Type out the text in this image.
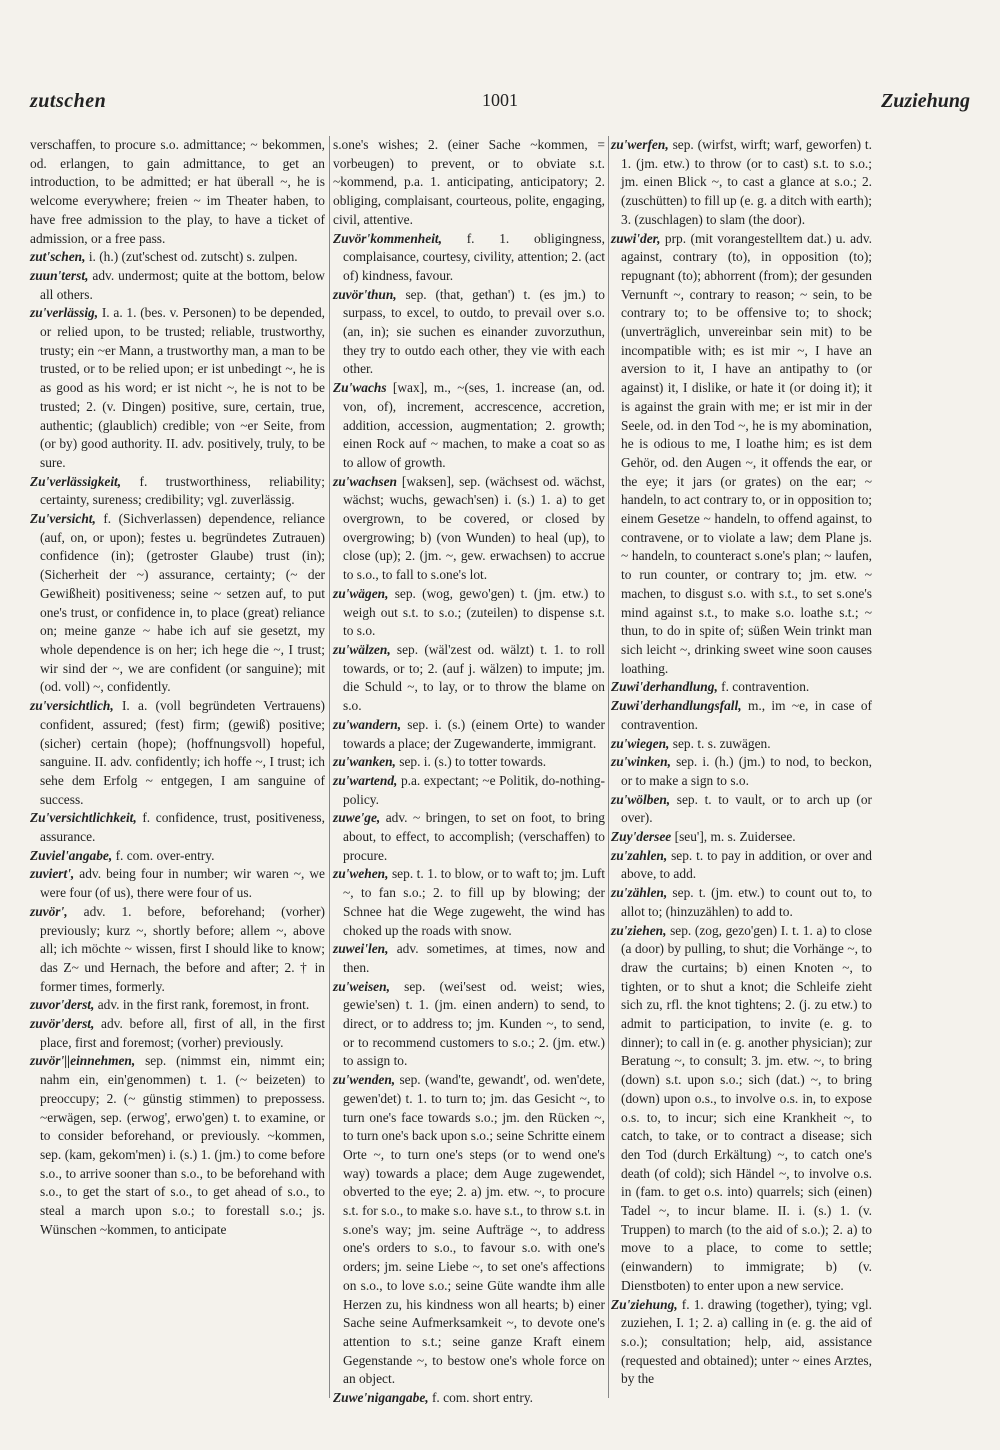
zutschen	1001	Zuziehung

verschaffen, to procure s.o. admittance; ~ bekommen, od. erlangen, to gain admittance, to get an introduction, to be admitted; er hat überall ~, he is welcome everywhere; freien ~ im Theater haben, to have free admission to the play, to have a ticket of admission, or a free pass.

zut'schen, i. (h.) (zut'schest od. zutscht) s. zulpen.

zuun'terst, adv. undermost; quite at the bottom, below all others.

zu'verlässig, I. a. 1. (bes. v. Personen) to be depended, or relied upon, to be trusted; reliable, trustworthy, trusty; ein ~er Mann, a trustworthy man, a man to be trusted, or to be relied upon; er ist unbedingt ~, he is as good as his word; er ist nicht ~, he is not to be trusted; 2. (v. Dingen) positive, sure, certain, true, authentic; (glaublich) credible; von ~er Seite, from (or by) good authority. II. adv. positively, truly, to be sure.

Zu'verlässigkeit, f. trustworthiness, reliability; certainty, sureness; credibility; vgl. zuverlässig.

Zu'versicht, f. (Sichverlassen) dependence, reliance (auf, on, or upon); festes u. begründetes Zutrauen) confidence (in); (getroster Glaube) trust (in); (Sicherheit der ~) assurance, certainty; (~ der Gewißheit) positiveness; seine ~ setzen auf, to put one's trust, or confidence in, to place (great) reliance on; meine ganze ~ habe ich auf sie gesetzt, my whole dependence is on her; ich hege die ~, I trust; wir sind der ~, we are confident (or sanguine); mit (od. voll) ~, confidently.

zu'versichtlich, I. a. (voll begründeten Vertrauens) confident, assured; (fest) firm; (gewiß) positive; (sicher) certain (hope); (hoffnungsvoll) hopeful, sanguine. II. adv. confidently; ich hoffe ~, I trust; ich sehe dem Erfolg ~ entgegen, I am sanguine of success.

Zu'versichtlichkeit, f. confidence, trust, positiveness, assurance.

Zuviel'angabe, f. com. over-entry.

zuviert', adv. being four in number; wir waren ~, we were four (of us), there were four of us.

zuvör', adv. 1. before, beforehand; (vorher) previously; kurz ~, shortly before; allem ~, above all; ich möchte ~ wissen, first I should like to know; das Z~ und Hernach, the before and after; 2. † in former times, formerly.

zuvor'derst, adv. in the first rank, foremost, in front.

zuvör'derst, adv. before all, first of all, in the first place, first and foremost; (vorher) previously.

zuvör'||einnehmen, sep. (nimmst ein, nimmt ein; nahm ein, ein'genommen) t. 1. (~ beizeten) to preoccupy; 2. (~ günstig stimmen) to prepossess. ~erwägen, sep. (erwog', erwo'gen) t. to examine, or to consider beforehand, or previously. ~kommen, sep. (kam, gekom'men) i. (s.) 1. (jm.) to come before s.o., to arrive sooner than s.o., to be beforehand with s.o., to get the start of s.o., to get ahead of s.o., to steal a march upon s.o.; to forestall s.o.; js. Wünschen ~kommen, to anticipate

s.one's wishes; 2. (einer Sache ~kommen, = vorbeugen) to prevent, or to obviate s.t. ~kommend, p.a. 1. anticipating, anticipatory; 2. obliging, complaisant, courteous, polite, engaging, civil, attentive.

Zuvör'kommenheit, f. 1. obligingness, complaisance, courtesy, civility, attention; 2. (act of) kindness, favour.

zuvör'thun, sep. (that, gethan') t. (es jm.) to surpass, to excel, to outdo, to prevail over s.o. (an, in); sie suchen es einander zuvorzuthun, they try to outdo each other, they vie with each other.

Zu'wachs [wax], m., ~(ses, 1. increase (an, od. von, of), increment, accrescence, accretion, addition, accession, augmentation; 2. growth; einen Rock auf ~ machen, to make a coat so as to allow of growth.

zu'wachsen [waksen], sep. (wächsest od. wächst, wächst; wuchs, gewach'sen) i. (s.) 1. a) to get overgrown, to be covered, or closed by overgrowing; b) (von Wunden) to heal (up), to close (up); 2. (jm. ~, gew. erwachsen) to accrue to s.o., to fall to s.one's lot.

zu'wägen, sep. (wog, gewo'gen) t. (jm. etw.) to weigh out s.t. to s.o.; (zuteilen) to dispense s.t. to s.o.

zu'wälzen, sep. (wäl'zest od. wälzt) t. 1. to roll towards, or to; 2. (auf j. wälzen) to impute; jm. die Schuld ~, to lay, or to throw the blame on s.o.

zu'wandern, sep. i. (s.) (einem Orte) to wander towards a place; der Zugewanderte, immigrant.

zu'wanken, sep. i. (s.) to totter towards.

zu'wartend, p.a. expectant; ~e Politik, do-nothing-policy.

zuwe'ge, adv. ~ bringen, to set on foot, to bring about, to effect, to accomplish; (verschaffen) to procure.

zu'wehen, sep. t. 1. to blow, or to waft to; jm. Luft ~, to fan s.o.; 2. to fill up by blowing; der Schnee hat die Wege zugeweht, the wind has choked up the roads with snow.

zuwei'len, adv. sometimes, at times, now and then.

zu'weisen, sep. (wei'sest od. weist; wies, gewie'sen) t. 1. (jm. einen andern) to send, to direct, or to address to; jm. Kunden ~, to send, or to recommend customers to s.o.; 2. (jm. etw.) to assign to.

zu'wenden, sep. (wand'te, gewandt', od. wen'dete, gewen'det) t. 1. to turn to; jm. das Gesicht ~, to turn one's face towards s.o.; jm. den Rücken ~, to turn one's back upon s.o.; seine Schritte einem Orte ~, to turn one's steps (or to wend one's way) towards a place; dem Auge zugewendet, obverted to the eye; 2. a) jm. etw. ~, to procure s.t. for s.o., to make s.o. have s.t., to throw s.t. in s.one's way; jm. seine Aufträge ~, to address one's orders to s.o., to favour s.o. with one's orders; jm. seine Liebe ~, to set one's affections on s.o., to love s.o.; seine Güte wandte ihm alle Herzen zu, his kindness won all hearts; b) einer Sache seine Aufmerksamkeit ~, to devote one's attention to s.t.; seine ganze Kraft einem Gegenstande ~, to bestow one's whole force on an object.

Zuwe'nigangabe, f. com. short entry.

zu'werfen, sep. (wirfst, wirft; warf, geworfen) t. 1. (jm. etw.) to throw (or to cast) s.t. to s.o.; jm. einen Blick ~, to cast a glance at s.o.; 2. (zuschütten) to fill up (e. g. a ditch with earth); 3. (zuschlagen) to slam (the door).

zuwi'der, prp. (mit vorangestelltem dat.) u. adv. against, contrary (to), in opposition (to); repugnant (to); abhorrent (from); der gesunden Vernunft ~, contrary to reason; ~ sein, to be contrary to; to be offensive to; to shock; (unverträglich, unvereinbar sein mit) to be incompatible with; es ist mir ~, I have an aversion to it, I have an antipathy to (or against) it, I dislike, or hate it (or doing it); it is against the grain with me; er ist mir in der Seele, od. in den Tod ~, he is my abomination, he is odious to me, I loathe him; es ist dem Gehör, od. den Augen ~, it offends the ear, or the eye; it jars (or grates) on the ear; ~ handeln, to act contrary to, or in opposition to; einem Gesetze ~ handeln, to offend against, to contravene, or to violate a law; dem Plane js. ~ handeln, to counteract s.one's plan; ~ laufen, to run counter, or contrary to; jm. etw. ~ machen, to disgust s.o. with s.t., to set s.one's mind against s.t., to make s.o. loathe s.t.; ~ thun, to do in spite of; süßen Wein trinkt man sich leicht ~, drinking sweet wine soon causes loathing.

Zuwi'derhandlung, f. contravention.

Zuwi'derhandlungsfall, m., im ~e, in case of contravention.

zu'wiegen, sep. t. s. zuwägen.

zu'winken, sep. i. (h.) (jm.) to nod, to beckon, or to make a sign to s.o.

zu'wölben, sep. t. to vault, or to arch up (or over).

Zuy'dersee [seu'], m. s. Zuidersee.

zu'zahlen, sep. t. to pay in addition, or over and above, to add.

zu'zählen, sep. t. (jm. etw.) to count out to, to allot to; (hinzuzählen) to add to.

zu'ziehen, sep. (zog, gezo'gen) I. t. 1. a) to close (a door) by pulling, to shut; die Vorhänge ~, to draw the curtains; b) einen Knoten ~, to tighten, or to shut a knot; die Schleife zieht sich zu, rfl. the knot tightens; 2. (j. zu etw.) to admit to participation, to invite (e. g. to dinner); to call in (e. g. another physician); zur Beratung ~, to consult; 3. jm. etw. ~, to bring (down) s.t. upon s.o.; sich (dat.) ~, to bring (down) upon o.s., to involve o.s. in, to expose o.s. to, to incur; sich eine Krankheit ~, to catch, to take, or to contract a disease; sich den Tod (durch Erkältung) ~, to catch one's death (of cold); sich Händel ~, to involve o.s. in (fam. to get o.s. into) quarrels; sich (einen) Tadel ~, to incur blame. II. i. (s.) 1. (v. Truppen) to march (to the aid of s.o.); 2. a) to move to a place, to come to settle; (einwandern) to immigrate; b) (v. Dienstboten) to enter upon a new service.

Zu'ziehung, f. 1. drawing (together), tying; vgl. zuziehen, I. 1; 2. a) calling in (e. g. the aid of s.o.); consultation; help, aid, assistance (requested and obtained); unter ~ eines Arztes, by the
